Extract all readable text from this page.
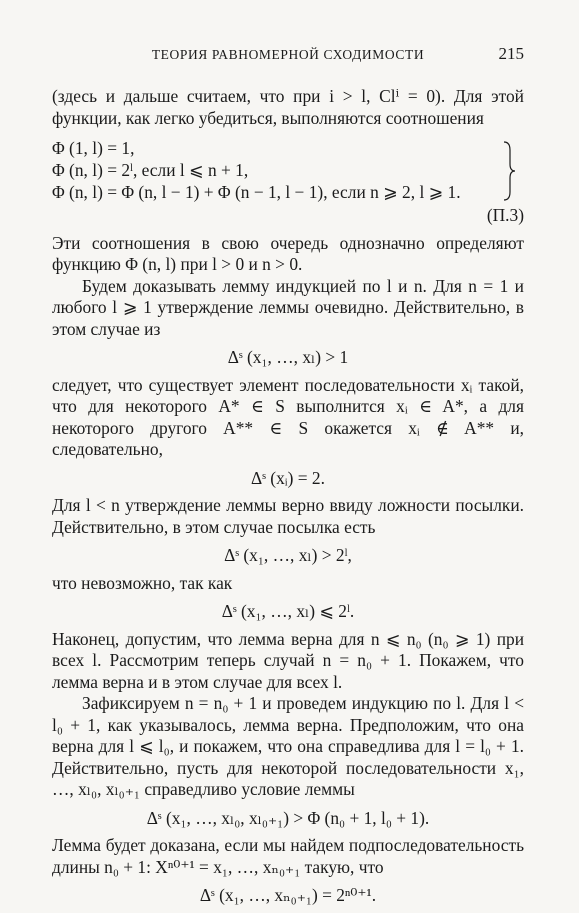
ТЕОРИЯ РАВНОМЕРНОЙ СХОДИМОСТИ	215

(здесь и дальше считаем, что при i > l, Clⁱ = 0). Для этой функции, как легко убедиться, выполняются соотношения

Φ (1, l) = 1,
Φ (n, l) = 2ˡ, если l ⩽ n + 1,
Φ (n, l) = Φ (n, l − 1) + Φ (n − 1, l − 1), если n ⩾ 2, l ⩾ 1.
(П.3)

Эти соотношения в свою очередь однозначно определяют функцию Φ (n, l) при l > 0 и n > 0.

Будем доказывать лемму индукцией по l и n. Для n = 1 и любого l ⩾ 1 утверждение леммы очевидно. Действительно, в этом случае из

Δˢ (x₁, …, xₗ) > 1

следует, что существует элемент последовательности xᵢ такой, что для некоторого A* ∈ S выполнится xᵢ ∈ A*, а для некоторого другого A** ∈ S окажется xᵢ ∉ A** и, следовательно,

Δˢ (xᵢ) = 2.

Для l < n утверждение леммы верно ввиду ложности посылки. Действительно, в этом случае посылка есть

Δˢ (x₁, …, xₗ) > 2ˡ,

что невозможно, так как

Δˢ (x₁, …, xₗ) ⩽ 2ˡ.

Наконец, допустим, что лемма верна для n ⩽ n₀ (n₀ ⩾ 1) при всех l. Рассмотрим теперь случай n = n₀ + 1. Покажем, что лемма верна и в этом случае для всех l.

Зафиксируем n = n₀ + 1 и проведем индукцию по l. Для l < l₀ + 1, как указывалось, лемма верна. Предположим, что она верна для l ⩽ l₀, и покажем, что она справедлива для l = l₀ + 1. Действительно, пусть для некоторой последовательности x₁, …, xₗ₀, xₗ₀₊₁ справедливо условие леммы

Δˢ (x₁, …, xₗ₀, xₗ₀₊₁) > Φ (n₀ + 1, l₀ + 1).

Лемма будет доказана, если мы найдем подпоследовательность длины n₀ + 1: Xⁿ⁰⁺¹ = x₁, …, xₙ₀₊₁ такую, что

Δˢ (x₁, …, xₙ₀₊₁) = 2ⁿ⁰⁺¹.
